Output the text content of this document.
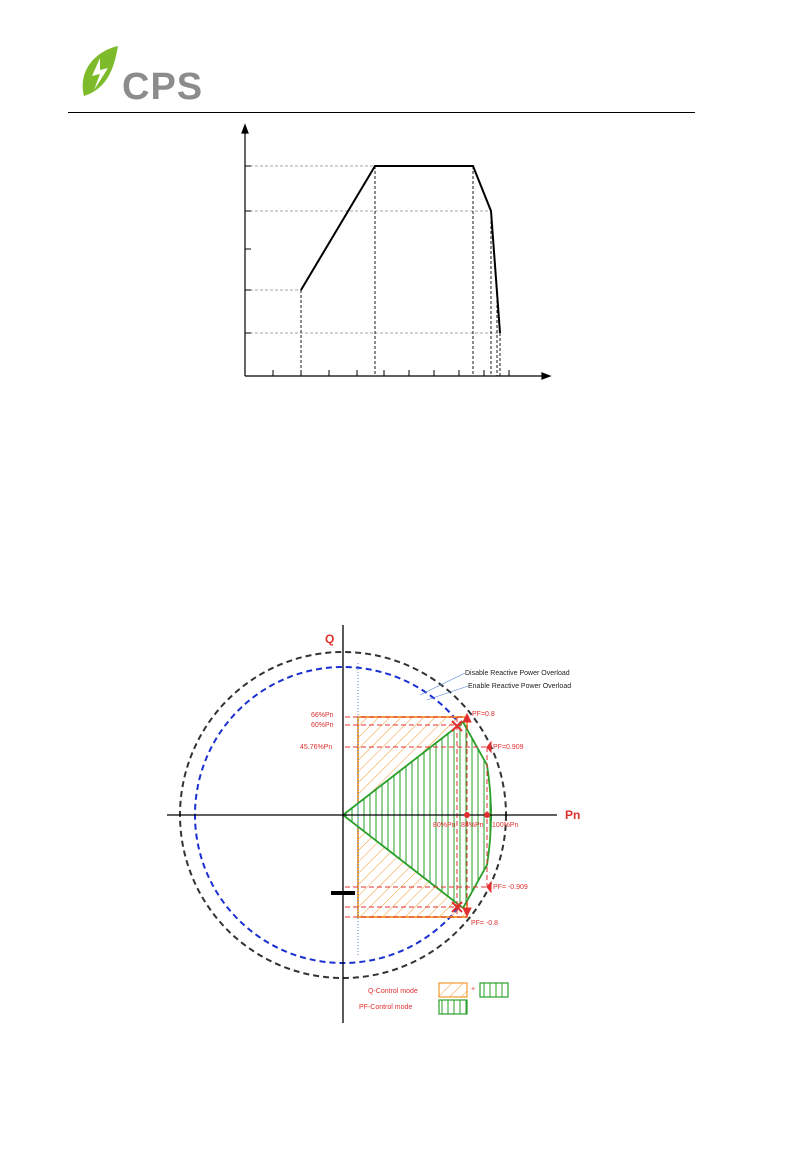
CPS
Q
Pn
Disable Reactive Power Overload
Enable Reactive Power Overload
66%Pn
60%Pn
45.76%Pn
80%Pn 88%Pn 100%Pn
PF=0.8
PF=0.909
PF= -0.909
PF= -0.8
Q-Control mode	+
PF-Control mode
